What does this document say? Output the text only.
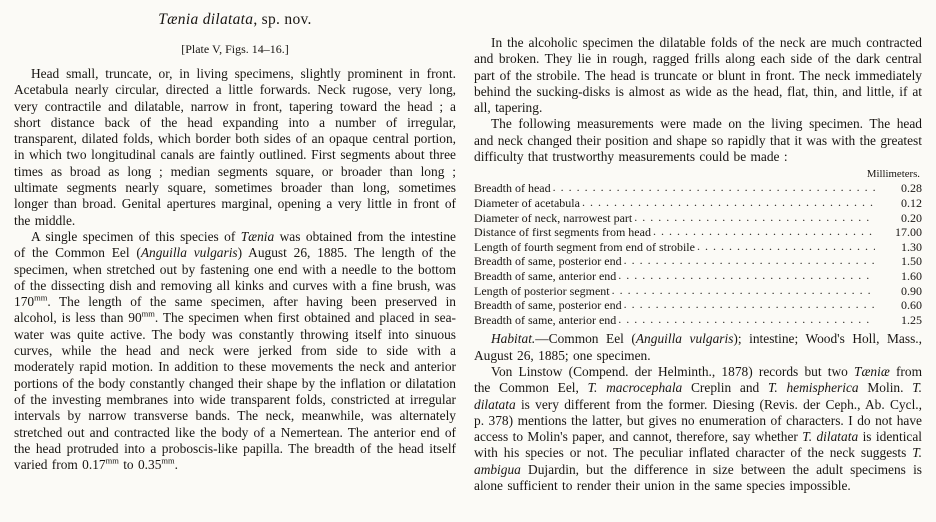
Tænia dilatata, sp. nov.
[Plate V, Figs. 14–16.]

Head small, truncate, or, in living specimens, slightly prominent in front. Acetabula nearly circular, directed a little forwards. Neck rugose, very long, very contractile and dilatable, narrow in front, tapering toward the head ; a short distance back of the head expanding into a number of irregular, transparent, dilated folds, which border both sides of an opaque central portion, in which two longitudinal canals are faintly outlined. First segments about three times as broad as long ; median segments square, or broader than long ; ultimate segments nearly square, sometimes broader than long, sometimes longer than broad. Genital apertures marginal, opening a very little in front of the middle.

A single specimen of this species of Tænia was obtained from the intestine of the Common Eel (Anguilla vulgaris) August 26, 1885. The length of the specimen, when stretched out by fastening one end with a needle to the bottom of the dissecting dish and removing all kinks and curves with a fine brush, was $170^{mm}$. The length of the same specimen, after having been preserved in alcohol, is less than $90^{mm}$. The specimen when first obtained and placed in sea-water was quite active. The body was constantly throwing itself into sinuous curves, while the head and neck were jerked from side to side with a moderately rapid motion. In addition to these movements the neck and anterior portions of the body constantly changed their shape by the inflation or dilatation of the investing membranes into wide transparent folds, constricted at irregular intervals by narrow transverse bands. The neck, meanwhile, was alternately stretched out and contracted like the body of a Nemertean. The anterior end of the head protruded into a proboscis-like papilla. The breadth of the head itself varied from $0.17^{mm}$ to $0.35^{mm}$.

In the alcoholic specimen the dilatable folds of the neck are much contracted and broken. They lie in rough, ragged frills along each side of the dark central part of the strobile. The head is truncate or blunt in front. The neck immediately behind the sucking-disks is almost as wide as the head, flat, thin, and little, if at all, tapering.

The following measurements were made on the living specimen. The head and neck changed their position and shape so rapidly that it was with the greatest difficulty that trustworthy measurements could be made :

Millimeters.
Breadth of head . . .	0.28
Diameter of acetabula . . .	0.12
Diameter of neck, narrowest part . . .	0.20
Distance of first segments from head . . .	17.00
Length of fourth segment from end of strobile . . .	1.30
Breadth of same, posterior end . . .	1.50
Breadth of same, anterior end . . .	1.60
Length of posterior segment . . .	0.90
Breadth of same, posterior end . . .	0.60
Breadth of same, anterior end . . .	1.25

Habitat.—Common Eel (Anguilla vulgaris); intestine; Wood's Holl, Mass., August 26, 1885; one specimen.

Von Linstow (Compend. der Helminth., 1878) records but two Tæniæ from the Common Eel, T. macrocephala Creplin and T. hemispherica Molin. T. dilatata is very different from the former. Diesing (Revis. der Ceph., Ab. Cycl., p. 378) mentions the latter, but gives no enumeration of characters. I do not have access to Molin's paper, and cannot, therefore, say whether T. dilatata is identical with his species or not. The peculiar inflated character of the neck suggests T. ambigua Dujardin, but the difference in size between the adult specimens is alone sufficient to render their union in the same species impossible.
